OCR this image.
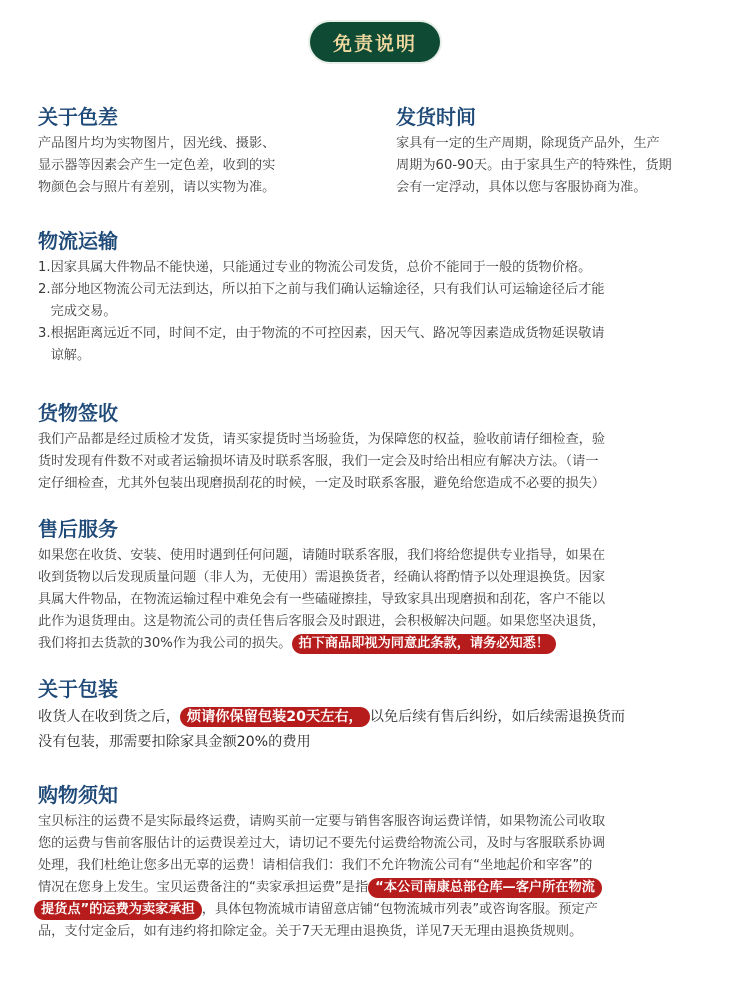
免责说明
关于色差
产品图片均为实物图片，因光线、摄影、
显示器等因素会产生一定色差，收到的实
物颜色会与照片有差别，请以实物为准。
发货时间
家具有一定的生产周期，除现货产品外，生产
周期为60-90天。由于家具生产的特殊性，货期
会有一定浮动，具体以您与客服协商为准。
物流运输
1.因家具属大件物品不能快递，只能通过专业的物流公司发货，总价不能同于一般的货物价格。
2.部分地区物流公司无法到达，所以拍下之前与我们确认运输途径，只有我们认可运输途径后才能
完成交易。
3.根据距离远近不同，时间不定，由于物流的不可控因素，因天气、路况等因素造成货物延误敬请
谅解。
货物签收
我们产品都是经过质检才发货，请买家提货时当场验货，为保障您的权益，验收前请仔细检查，验
货时发现有件数不对或者运输损坏请及时联系客服，我们一定会及时给出相应有解决方法。（请一
定仔细检查，尤其外包装出现磨损刮花的时候，一定及时联系客服，避免给您造成不必要的损失）
售后服务
如果您在收货、安装、使用时遇到任何问题，请随时联系客服，我们将给您提供专业指导，如果在
收到货物以后发现质量问题（非人为，无使用）需退换货者，经确认将酌情予以处理退换货。因家
具属大件物品，在物流运输过程中难免会有一些磕碰擦挂，导致家具出现磨损和刮花，客户不能以
此作为退货理由。这是物流公司的责任售后客服会及时跟进，会积极解决问题。如果您坚决退货，
我们将扣去货款的30%作为我公司的损失。 拍下商品即视为同意此条款，请务必知悉！
关于包装
收货人在收到货之后， 烦请你保留包装20天左右， 以免后续有售后纠纷，如后续需退换货而
没有包装，那需要扣除家具金额20%的费用
购物须知
宝贝标注的运费不是实际最终运费，请购买前一定要与销售客服咨询运费详情，如果物流公司收取
您的运费与售前客服估计的运费误差过大，请切记不要先付运费给物流公司，及时与客服联系协调
处理，我们杜绝让您多出无辜的运费！请相信我们：我们不允许物流公司有“坐地起价和宰客”的
情况在您身上发生。宝贝运费备注的“卖家承担运费”是指 “本公司南康总部仓库—客户所在物流
提货点”的运费为卖家承担 ，具体包物流城市请留意店铺“包物流城市列表”或咨询客服。预定产
品，支付定金后，如有违约将扣除定金。关于7天无理由退换货，详见7天无理由退换货规则。
